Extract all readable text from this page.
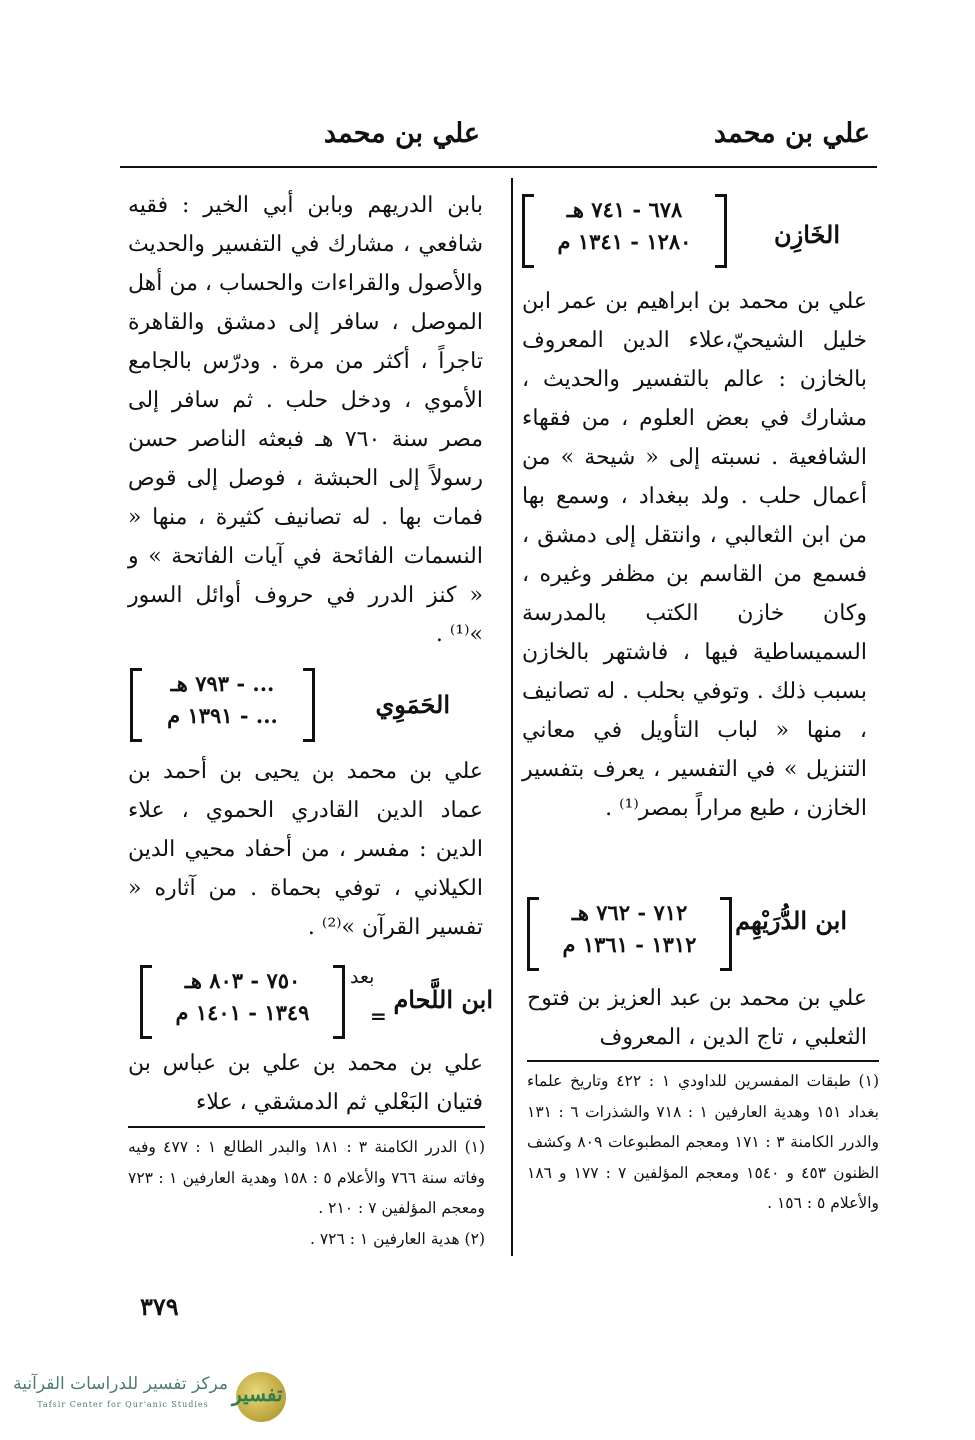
علي بن محمد
علي بن محمد
الخَازِن
٦٧٨ - ٧٤١ هـ
١٢٨٠ - ١٣٤١ م
علي بن محمد بن ابراهيم بن عمر ابن خليل الشيحيّ،علاء الدين المعروف بالخازن : عالم بالتفسير والحديث ، مشارك في بعض العلوم ، من فقهاء الشافعية . نسبته إلى « شيحة » من أعمال حلب . ولد ببغداد ، وسمع بها من ابن الثعالبي ، وانتقل إلى دمشق ، فسمع من القاسم بن مظفر وغيره ، وكان خازن الكتب بالمدرسة السميساطية فيها ، فاشتهر بالخازن بسبب ذلك . وتوفي بحلب . له تصانيف ، منها « لباب التأويل في معاني التنزيل » في التفسير ، يعرف بتفسير الخازن ، طبع مراراً بمصر⁽¹⁾ .
ابن الدُّرَيْهِم
٧١٢ - ٧٦٢ هـ
١٣١٢ - ١٣٦١ م
علي بن محمد بن عبد العزيز بن فتوح الثعلبي ، تاج الدين ، المعروف
(١) طبقات المفسرين للداودي ١ : ٤٢٢ وتاريخ علماء بغداد ١٥١ وهدية العارفين ١ : ٧١٨ والشذرات ٦ : ١٣١ والدرر الكامنة ٣ : ١٧١ ومعجم المطبوعات ٨٠٩ وكشف الظنون ٤٥٣ و ١٥٤٠ ومعجم المؤلفين ٧ : ١٧٧ و ١٨٦ والأعلام ٥ : ١٥٦ .
بابن الدريهم وبابن أبي الخير : فقيه شافعي ، مشارك في التفسير والحديث والأصول والقراءات والحساب ، من أهل الموصل ، سافر إلى دمشق والقاهرة تاجراً ، أكثر من مرة . ودرّس بالجامع الأموي ، ودخل حلب . ثم سافر إلى مصر سنة ٧٦٠ هـ فبعثه الناصر حسن رسولاً إلى الحبشة ، فوصل إلى قوص فمات بها . له تصانيف كثيرة ، منها « النسمات الفائحة في آيات الفاتحة » و « كنز الدرر في حروف أوائل السور »⁽¹⁾ .
الحَمَوِي
... - ٧٩٣ هـ
... - ١٣٩١ م
علي بن محمد بن يحيى بن أحمد بن عماد الدين القادري الحموي ، علاء الدين : مفسر ، من أحفاد محيي الدين الكيلاني ، توفي بحماة . من آثاره « تفسير القرآن »⁽²⁾ .
ابن اللَّحام
بعد
=
٧٥٠ - ٨٠٣ هـ
١٣٤٩ - ١٤٠١ م
علي بن محمد بن علي بن عباس بن فتيان البَعْلي ثم الدمشقي ، علاء
(١) الدرر الكامنة ٣ : ١٨١ والبدر الطالع ١ : ٤٧٧ وفيه وفاته سنة ٧٦٦ والأعلام ٥ : ١٥٨ وهدية العارفين ١ : ٧٢٣ ومعجم المؤلفين ٧ : ٢١٠ .
(٢) هدية العارفين ١ : ٧٢٦ .
٣٧٩
تفسير
مركز تفسير للدراسات القرآنية
Tafsir Center for Qur'anic Studies
